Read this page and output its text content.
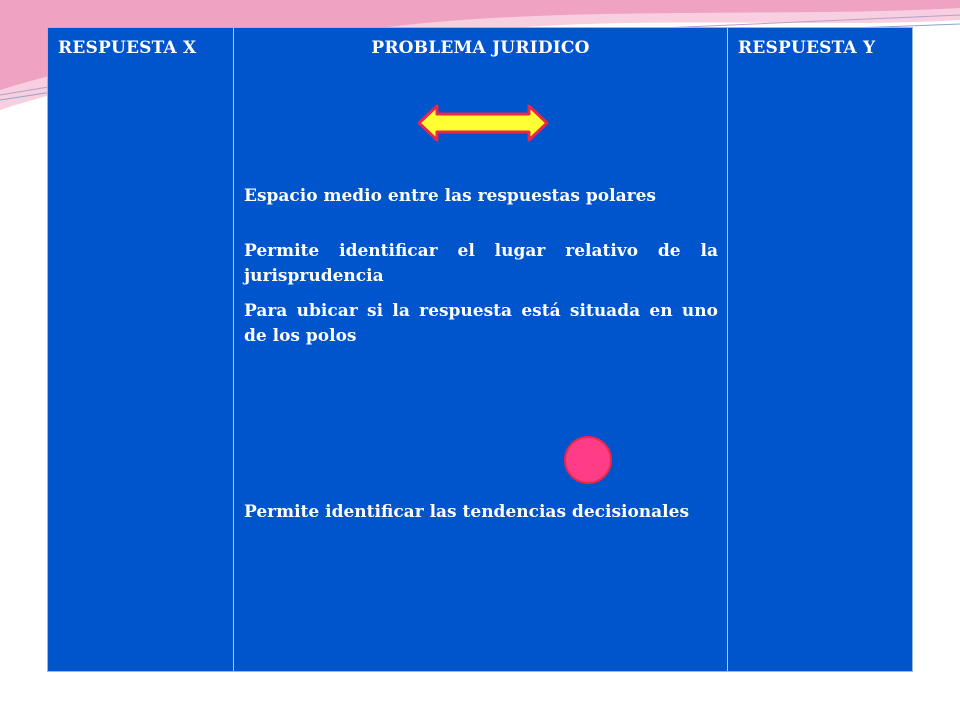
RESPUESTA X	PROBLEMA JURIDICO
Espacio medio entre las respuestas polares
Permite identificar el lugar relativo de la jurisprudencia
Para ubicar si la respuesta está situada en uno de los polos
Permite identificar las tendencias decisionales
RESPUESTA Y
